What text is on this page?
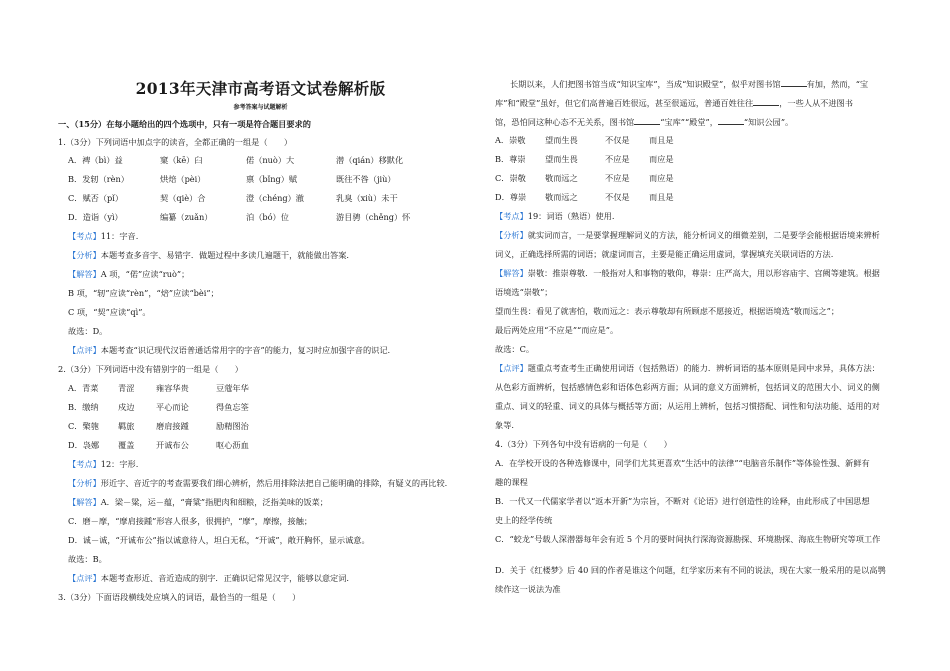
2013年天津市高考语文试卷解析版
参考答案与试题解析
一、（15分）在每小题给出的四个选项中，只有一项是符合题目要求的
1.（3分）下列词语中加点字的读音，全都正确的一组是（　　）
A．裨（bì）益	窠（kē）臼	偌（nuò）大	潜（qián）移默化
B．发轫（rèn）	烘焙（pèi）	禀（bǐng）赋	既往不咎（jiù）
C．赋否（pǐ）	契（qiè）合	澄（chéng）澈	乳臭（xiù）未干
D．造诣（yì）	编纂（zuǎn）	泊（bó）位	游目骋（chěng）怀
【考点】11：字音.
【分析】本题考查多音字、易错字．做题过程中多读几遍题干，就能做出答案.
【解答】A 项，“偌”应读“ruò”；
B 项，“轫”应读“rèn”，“焙”应读“bèi”；
C 项，“契”应读“qì”。
故选：D。
【点评】本题考查“识记现代汉语普通话常用字的字音”的能力，复习时应加强字音的识记.
2.（3分）下列词语中没有错别字的一组是（　　）
A．青菜 青涩	雍容华贵	豆蔻年华
B．缴纳 戍边	平心而论	得鱼忘筌
C．檠匏 羁旅	磨肩接踵	励精图治
D．袅娜 覆盖	开诚布公	呕心沥血
【考点】12：字形.
【分析】形近字、音近字的考查需要我们细心辨析，然后用排除法把自己能明确的排除，有疑义的再比较.
【解答】A．梁－粱，运－蕴，“膏粱”指肥肉和细粮，泛指美味的饭菜；
C．磨－摩，“摩肩接踵”形容人很多，很拥护，“摩”，摩擦，接触；
D．诚－诚，“开诚布公”指以诚意待人，坦白无私，“开诚”，敞开胸怀，显示诚意。
故选：B。
【点评】本题考查形近、音近造成的别字．正确识记常见汉字，能够以意定词.
3.（3分）下面语段横线处应填入的词语，最恰当的一组是（　　）
长期以来，人们把图书馆当成“知识宝库”，当成“知识殿堂”，似乎对图书馆	有加，然而，“宝
库”和“殿堂”虽好，但它们高普遍百姓很远，甚至很遥远，普通百姓往往	，一些人从不进图书
馆，恐怕同这种心态不无关系，图书馆	“宝库”“殿堂”，	“知识公园”。
A．崇敬 望而生畏	不仅是 而且是
B．尊崇 望而生畏	不应是 而应是
C．崇敬 敬而远之	不应是 而应是
D．尊崇 敬而远之	不仅是 而且是
【考点】19：词语（熟语）使用.
【分析】就实词而言，一是要掌握理解词义的方法，能分析词义的细微差别，二是要学会能根据语境来辨析
词义，正确选择所需的词语；就虚词而言，主要是能正确运用虚词，掌握填充关联词语的方法.
【解答】崇敬：推崇尊敬．一般指对人和事物的敬仰，尊崇：庄严高大，用以形容庙宇、宫阙等建筑。根据
语境选“崇敬”；
望而生畏：看见了就害怕，敬而远之：表示尊敬却有所顾虑不愿接近，根据语境选“敬而远之”；
最后两处应用“不应是”“而应是”。
故选：C。
【点评】题重点考查考生正确使用词语（包括熟语）的能力．辨析词语的基本原则是同中求异，具体方法：
从色彩方面辨析，包括感情色彩和语体色彩两方面；从词的意义方面辨析，包括词义的范围大小、词义的侧
重点、词义的轻重、词义的具体与概括等方面；从运用上辨析，包括习惯搭配、词性和句法功能、适用的对
象等.
4.（3分）下列各句中没有语病的一句是（　　）
A．在学校开设的各种选修课中，同学们尤其更喜欢“生活中的法律”“电脑音乐制作”等体验性强、新鲜有
趣的课程
B．一代又一代儒家学者以“返本开新”为宗旨，不断对《论语》进行创造性的诠释，由此形成了中国思想
史上的经学传统
C．“蛟龙”号载人深潜器每年会有近 5 个月的要时间执行深海资源勘探、环境勘探、海底生物研究等项工作
D．关于《红楼梦》后 40 回的作者是谁这个问题，红学家历来有不同的说法，现在大家一般采用的是以高鹗
续作这一说法为准
